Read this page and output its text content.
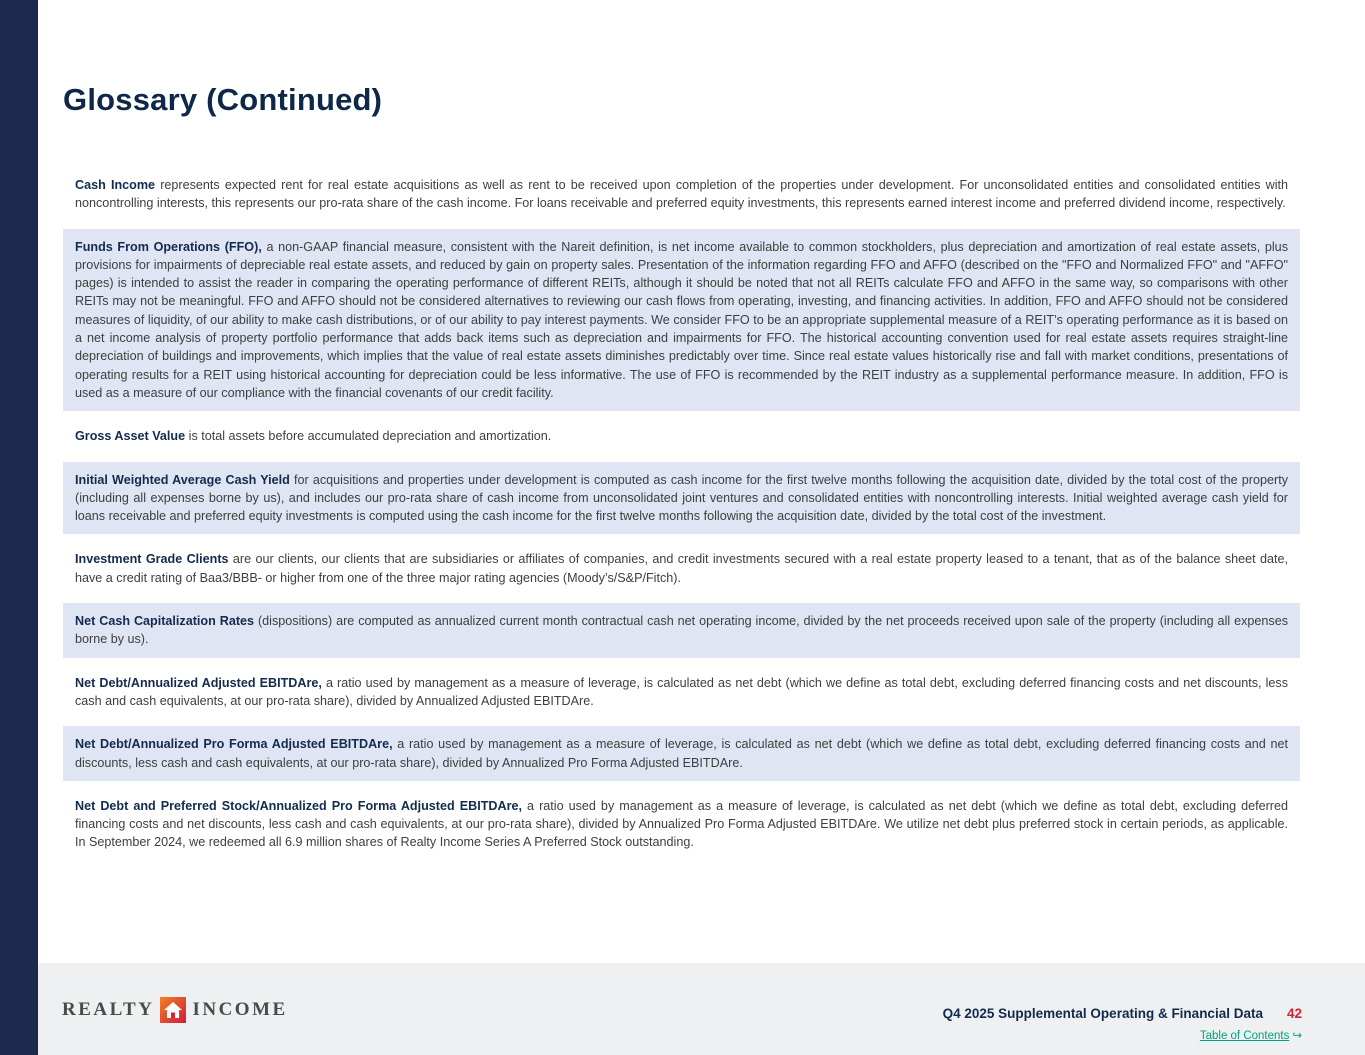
Glossary (Continued)

Cash Income represents expected rent for real estate acquisitions as well as rent to be received upon completion of the properties under development. For unconsolidated entities and consolidated entities with noncontrolling interests, this represents our pro-rata share of the cash income. For loans receivable and preferred equity investments, this represents earned interest income and preferred dividend income, respectively.

Funds From Operations (FFO), a non-GAAP financial measure, consistent with the Nareit definition, is net income available to common stockholders, plus depreciation and amortization of real estate assets, plus provisions for impairments of depreciable real estate assets, and reduced by gain on property sales. Presentation of the information regarding FFO and AFFO (described on the "FFO and Normalized FFO" and "AFFO" pages) is intended to assist the reader in comparing the operating performance of different REITs, although it should be noted that not all REITs calculate FFO and AFFO in the same way, so comparisons with other REITs may not be meaningful. FFO and AFFO should not be considered alternatives to reviewing our cash flows from operating, investing, and financing activities. In addition, FFO and AFFO should not be considered measures of liquidity, of our ability to make cash distributions, or of our ability to pay interest payments. We consider FFO to be an appropriate supplemental measure of a REIT’s operating performance as it is based on a net income analysis of property portfolio performance that adds back items such as depreciation and impairments for FFO. The historical accounting convention used for real estate assets requires straight-line depreciation of buildings and improvements, which implies that the value of real estate assets diminishes predictably over time. Since real estate values historically rise and fall with market conditions, presentations of operating results for a REIT using historical accounting for depreciation could be less informative. The use of FFO is recommended by the REIT industry as a supplemental performance measure. In addition, FFO is used as a measure of our compliance with the financial covenants of our credit facility.

Gross Asset Value is total assets before accumulated depreciation and amortization.

Initial Weighted Average Cash Yield for acquisitions and properties under development is computed as cash income for the first twelve months following the acquisition date, divided by the total cost of the property (including all expenses borne by us), and includes our pro-rata share of cash income from unconsolidated joint ventures and consolidated entities with noncontrolling interests. Initial weighted average cash yield for loans receivable and preferred equity investments is computed using the cash income for the first twelve months following the acquisition date, divided by the total cost of the investment.

Investment Grade Clients are our clients, our clients that are subsidiaries or affiliates of companies, and credit investments secured with a real estate property leased to a tenant, that as of the balance sheet date, have a credit rating of Baa3/BBB- or higher from one of the three major rating agencies (Moody’s/S&P/Fitch).

Net Cash Capitalization Rates (dispositions) are computed as annualized current month contractual cash net operating income, divided by the net proceeds received upon sale of the property (including all expenses borne by us).

Net Debt/Annualized Adjusted EBITDAre, a ratio used by management as a measure of leverage, is calculated as net debt (which we define as total debt, excluding deferred financing costs and net discounts, less cash and cash equivalents, at our pro-rata share), divided by Annualized Adjusted EBITDAre.

Net Debt/Annualized Pro Forma Adjusted EBITDAre, a ratio used by management as a measure of leverage, is calculated as net debt (which we define as total debt, excluding deferred financing costs and net discounts, less cash and cash equivalents, at our pro-rata share), divided by Annualized Pro Forma Adjusted EBITDAre.

Net Debt and Preferred Stock/Annualized Pro Forma Adjusted EBITDAre, a ratio used by management as a measure of leverage, is calculated as net debt (which we define as total debt, excluding deferred financing costs and net discounts, less cash and cash equivalents, at our pro-rata share), divided by Annualized Pro Forma Adjusted EBITDAre. We utilize net debt plus preferred stock in certain periods, as applicable. In September 2024, we redeemed all 6.9 million shares of Realty Income Series A Preferred Stock outstanding.

REALTY INCOME	Q4 2025 Supplemental Operating & Financial Data 42
Table of Contents ↪
